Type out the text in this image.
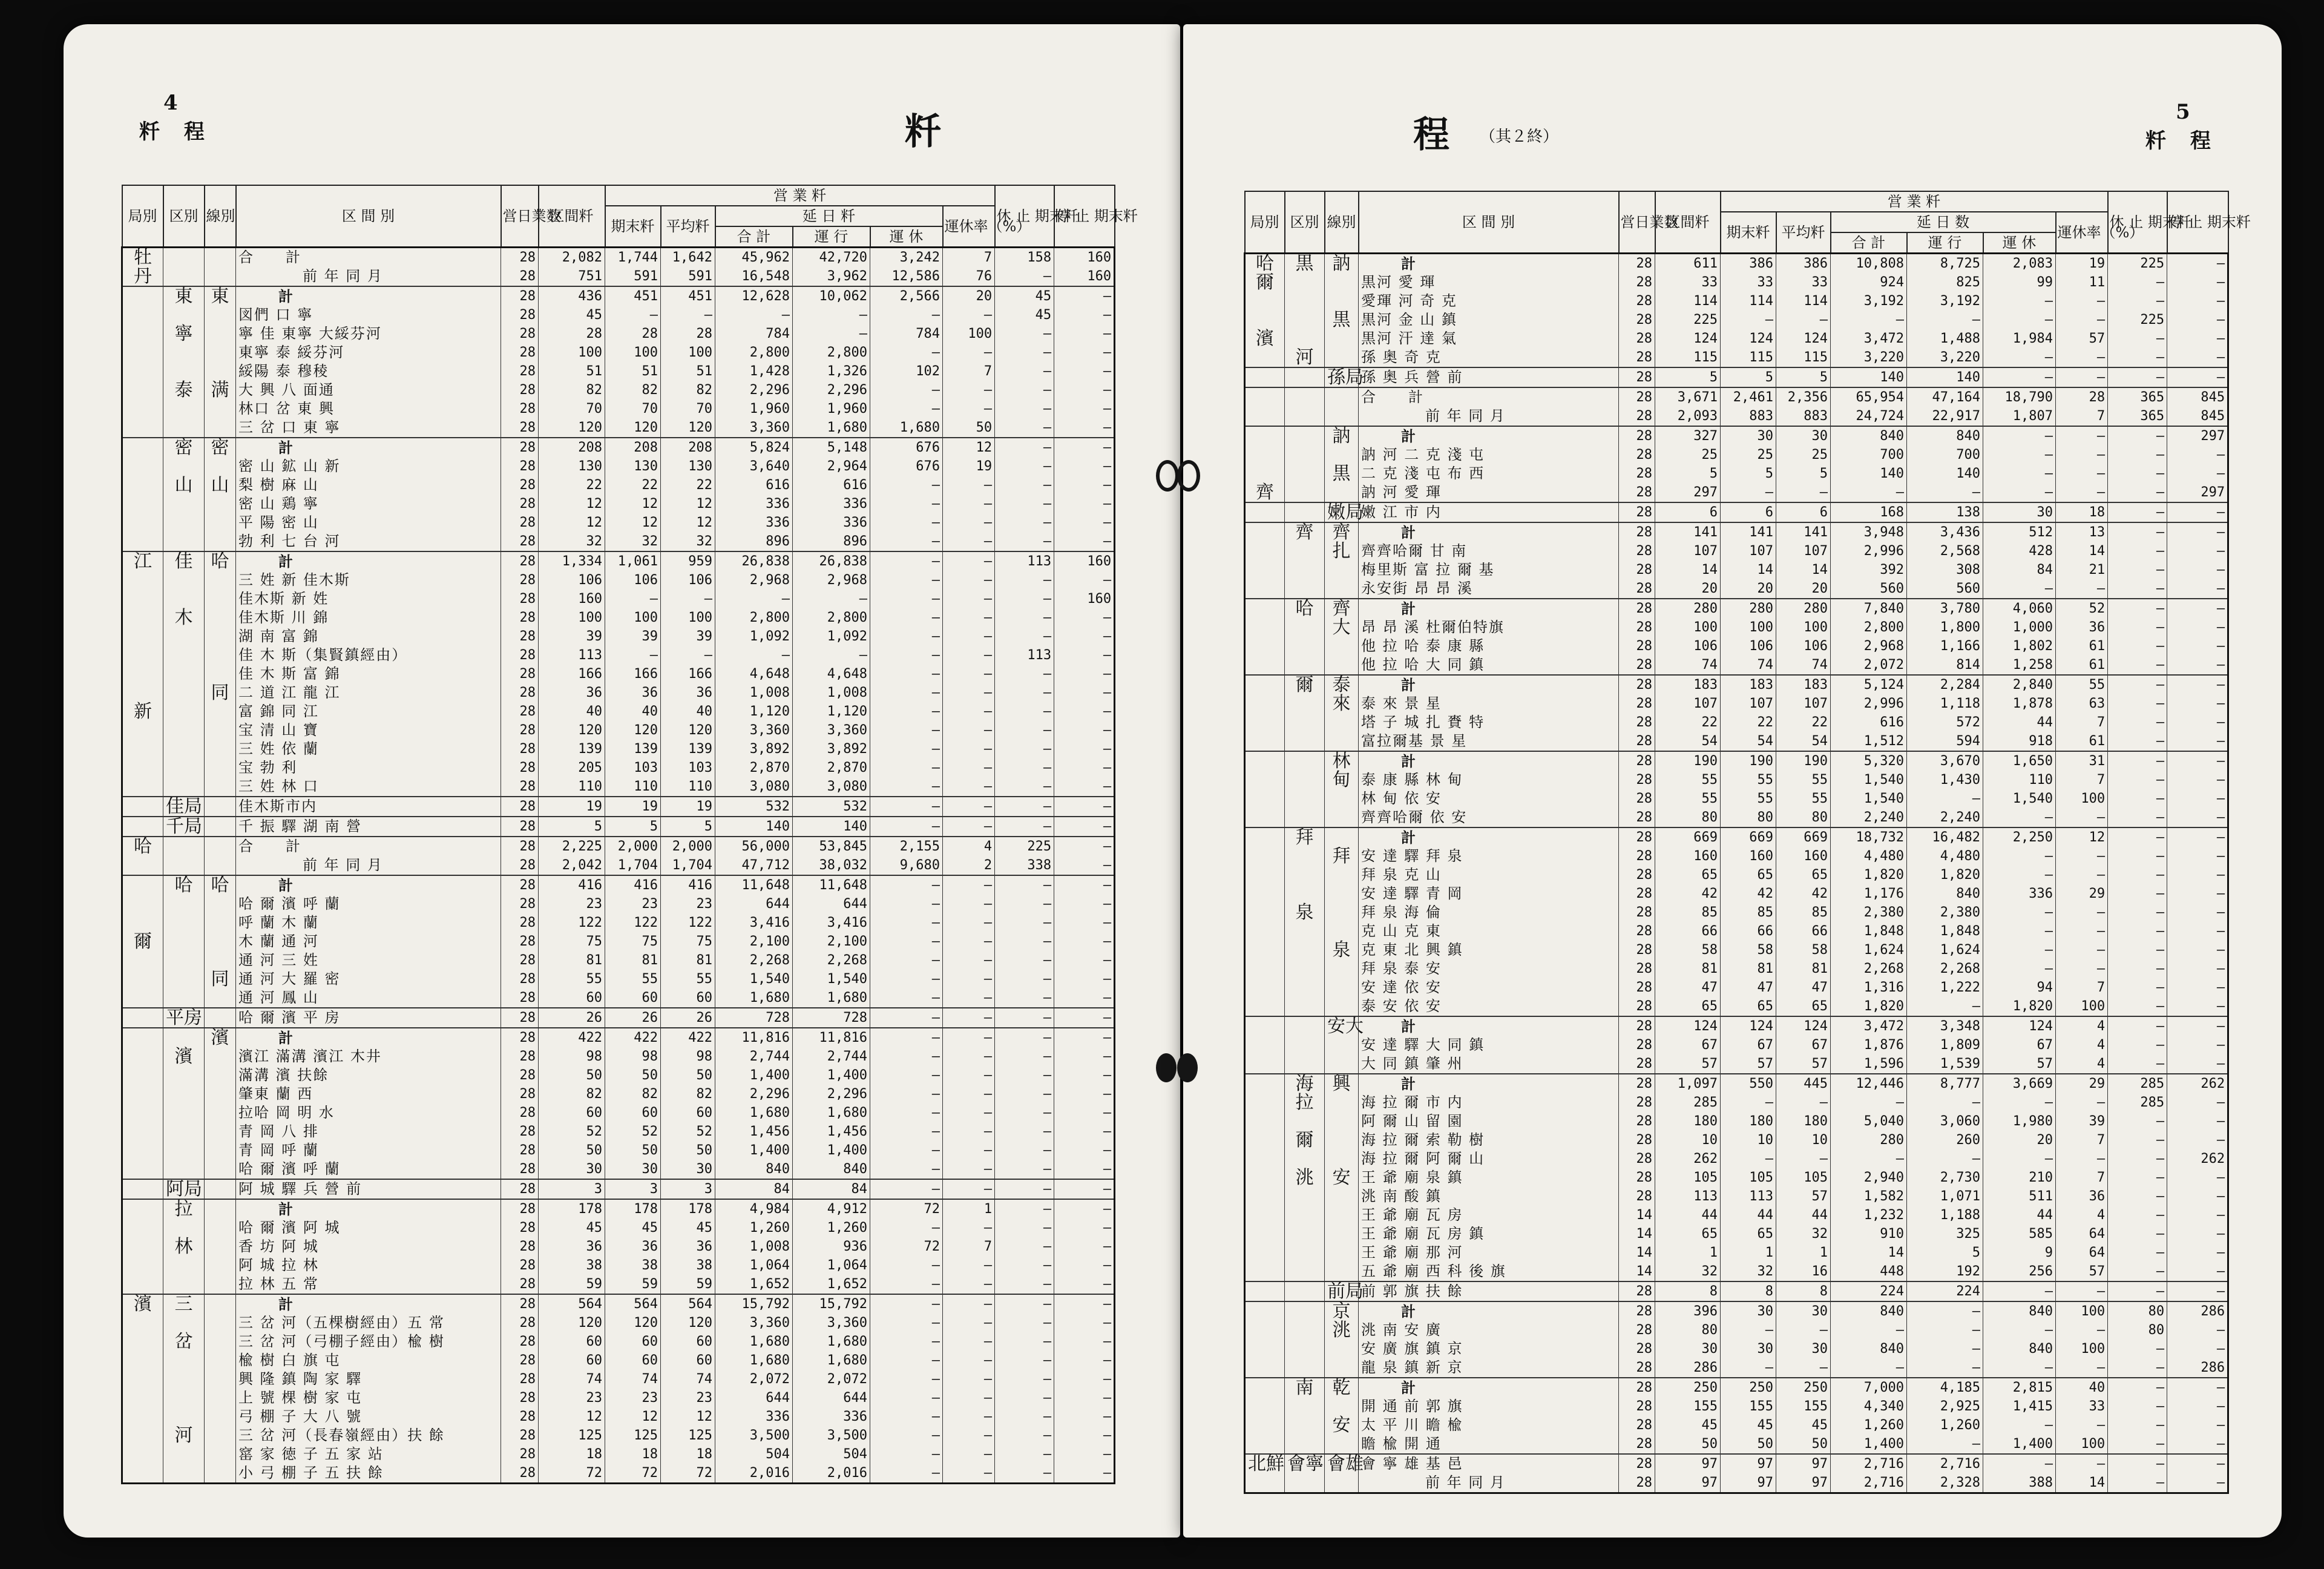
4
粁 程	粁
局別	区別	線別	区 間 別	営日業数	区間粁	営 業 粁						休 止 期末粁	停 止 期末粁
						期末粁	平均粁	延 日 粁			運休率（%）		
								合 計	運 行	運 休			
牡			合　　計	28	2,082	1,744	1,642	45,962	42,720	3,242	7	158	160
丹			前 年 同 月	28	751	591	591	16,548	3,962	12,586	76	—	160
	東	東	計	28	436	451	451	12,628	10,062	2,566	20	45	—
			図們 口 寧	28	45	—	—	—	—	—	—	45	—
	寧		寧 佳 東寧 大綏芬河	28	28	28	28	784	—	784	100	—	—
			東寧 泰 綏芬河	28	100	100	100	2,800	2,800	—	—	—	—
			綏陽 泰 穆稜	28	51	51	51	1,428	1,326	102	7	—	—
	泰	满	大 興 八 面通	28	82	82	82	2,296	2,296	—	—	—	—
			林口 岔 東 興	28	70	70	70	1,960	1,960	—	—	—	—
			三 岔 口 東 寧	28	120	120	120	3,360	1,680	1,680	50	—	—
	密	密	計	28	208	208	208	5,824	5,148	676	12	—	—
			密 山 鉱 山 新	28	130	130	130	3,640	2,964	676	19	—	—
	山	山	梨 樹 麻 山	28	22	22	22	616	616	—	—	—	—
			密 山 鶏 寧	28	12	12	12	336	336	—	—	—	—
			平 陽 密 山	28	12	12	12	336	336	—	—	—	—
			勃 利 七 台 河	28	32	32	32	896	896	—	—	—	—
江	佳	哈	計	28	1,334	1,061	959	26,838	26,838	—	—	113	160
			三 姓 新 佳木斯	28	106	106	106	2,968	2,968	—	—	—	—
			佳木斯 新 姓	28	160	—	—	—	—	—	—	—	160
	木		佳木斯 川 錦	28	100	100	100	2,800	2,800	—	—	—	—
			湖 南 富 錦	28	39	39	39	1,092	1,092	—	—	—	—
			佳 木 斯（集賢鎮經由）	28	113	—	—	—	—	—	—	113	—
			佳 木 斯 富 錦	28	166	166	166	4,648	4,648	—	—	—	—
		同	二 道 江 龍 江	28	36	36	36	1,008	1,008	—	—	—	—
新			富 錦 同 江	28	40	40	40	1,120	1,120	—	—	—	—
			宝 清 山 寶	28	120	120	120	3,360	3,360	—	—	—	—
			三 姓 依 蘭	28	139	139	139	3,892	3,892	—	—	—	—
			宝 勃 利	28	205	103	103	2,870	2,870	—	—	—	—
			三 姓 林 口	28	110	110	110	3,080	3,080	—	—	—	—
	佳局		佳木斯市内	28	19	19	19	532	532	—	—	—	—
	千局		千 振 驛 湖 南 營	28	5	5	5	140	140	—	—	—	—
哈			合　　計	28	2,225	2,000	2,000	56,000	53,845	2,155	4	225	—
			前 年 同 月	28	2,042	1,704	1,704	47,712	38,032	9,680	2	338	—
	哈	哈	計	28	416	416	416	11,648	11,648	—	—	—	—
			哈 爾 濱 呼 蘭	28	23	23	23	644	644	—	—	—	—
			呼 蘭 木 蘭	28	122	122	122	3,416	3,416	—	—	—	—
爾			木 蘭 通 河	28	75	75	75	2,100	2,100	—	—	—	—
			通 河 三 姓	28	81	81	81	2,268	2,268	—	—	—	—
		同	通 河 大 羅 密	28	55	55	55	1,540	1,540	—	—	—	—
			通 河 鳳 山	28	60	60	60	1,680	1,680	—	—	—	—
	平房		哈 爾 濱 平 房	28	26	26	26	728	728	—	—	—	—
		濱	計	28	422	422	422	11,816	11,816	—	—	—	—
	濱		濱江 滿溝 濱江 木井	28	98	98	98	2,744	2,744	—	—	—	—
			滿溝 濱 扶餘	28	50	50	50	1,400	1,400	—	—	—	—
			肇東 蘭 西	28	82	82	82	2,296	2,296	—	—	—	—
			拉哈 岡 明 水	28	60	60	60	1,680	1,680	—	—	—	—
			青 岡 八 排	28	52	52	52	1,456	1,456	—	—	—	—
			青 岡 呼 蘭	28	50	50	50	1,400	1,400	—	—	—	—
			哈 爾 濱 呼 蘭	28	30	30	30	840	840	—	—	—	—
	阿局		阿 城 驛 兵 營 前	28	3	3	3	84	84	—	—	—	—
	拉		計	28	178	178	178	4,984	4,912	72	1	—	—
			哈 爾 濱 阿 城	28	45	45	45	1,260	1,260	—	—	—	—
	林		香 坊 阿 城	28	36	36	36	1,008	936	72	7	—	—
			阿 城 拉 林	28	38	38	38	1,064	1,064	—	—	—	—
			拉 林 五 常	28	59	59	59	1,652	1,652	—	—	—	—
濱	三		計	28	564	564	564	15,792	15,792	—	—	—	—
			三 岔 河（五棵樹經由）五 常	28	120	120	120	3,360	3,360	—	—	—	—
	岔		三 岔 河（弓棚子經由）楡 樹	28	60	60	60	1,680	1,680	—	—	—	—
			楡 樹 白 旗 屯	28	60	60	60	1,680	1,680	—	—	—	—
			興 隆 鎮 陶 家 驛	28	74	74	74	2,072	2,072	—	—	—	—
			上 號 棵 樹 家 屯	28	23	23	23	644	644	—	—	—	—
			弓 棚 子 大 八 號	28	12	12	12	336	336	—	—	—	—
	河		三 岔 河（長春嶺經由）扶 餘	28	125	125	125	3,500	3,500	—	—	—	—
			窰 家 徳 子 五 家 站	28	18	18	18	504	504	—	—	—	—
			小 弓 棚 子 五 扶 餘	28	72	72	72	2,016	2,016	—	—	—	—
程 （其２終）
5
粁 程
局別	区別	線別	区 間 別	営日業数	区間粁	営 業 粁						休 止 期末粁	停 止 期末粁
						期末粁	平均粁	延 日 数			運休率（%）		
								合 計	運 行	運 休			
哈	黒	訥	計	28	611	386	386	10,808	8,725	2,083	19	225	—
爾			黒河 愛 琿	28	33	33	33	924	825	99	11	—	—
			愛琿 河 奇 克	28	114	114	114	3,192	3,192	—	—	—	—
		黒	黒河 金 山 鎮	28	225	—	—	—	—	—	—	225	—
濱			黒河 汗 達 氣	28	124	124	124	3,472	1,488	1,984	57	—	—
	河		孫 奥 奇 克	28	115	115	115	3,220	3,220	—	—	—	—
		孫局	孫 奥 兵 營 前	28	5	5	5	140	140	—	—	—	—
			合　　計	28	3,671	2,461	2,356	65,954	47,164	18,790	28	365	845
			前 年 同 月	28	2,093	883	883	24,724	22,917	1,807	7	365	845
		訥	計	28	327	30	30	840	840	—	—	—	297
			訥 河 二 克 淺 屯	28	25	25	25	700	700	—	—	—	—
		黒	二 克 淺 屯 布 西	28	5	5	5	140	140	—	—	—	—
齊			訥 河 愛 琿	28	297	—	—	—	—	—	—	—	297
		嫩局	嫩 江 市 内	28	6	6	6	168	138	30	18	—	—
	齊	齊	計	28	141	141	141	3,948	3,436	512	13	—	—
		扎	齊齊哈爾 甘 南	28	107	107	107	2,996	2,568	428	14	—	—
			梅里斯 富 拉 爾 基	28	14	14	14	392	308	84	21	—	—
			永安街 昂 昂 溪	28	20	20	20	560	560	—	—	—	—
	哈	齊	計	28	280	280	280	7,840	3,780	4,060	52	—	—
		大	昂 昂 溪 杜爾伯特旗	28	100	100	100	2,800	1,800	1,000	36	—	—
			他 拉 哈 泰 康 縣	28	106	106	106	2,968	1,166	1,802	61	—	—
			他 拉 哈 大 同 鎮	28	74	74	74	2,072	814	1,258	61	—	—
	爾	泰	計	28	183	183	183	5,124	2,284	2,840	55	—	—
		來	泰 來 景 星	28	107	107	107	2,996	1,118	1,878	63	—	—
			塔 子 城 扎 賚 特	28	22	22	22	616	572	44	7	—	—
			富拉爾基 景 星	28	54	54	54	1,512	594	918	61	—	—
		林	計	28	190	190	190	5,320	3,670	1,650	31	—	—
		甸	泰 康 縣 林 甸	28	55	55	55	1,540	1,430	110	7	—	—
			林 甸 依 安	28	55	55	55	1,540	—	1,540	100	—	—
			齊齊哈爾 依 安	28	80	80	80	2,240	2,240	—	—	—	—
	拜		計	28	669	669	669	18,732	16,482	2,250	12	—	—
		拜	安 達 驛 拜 泉	28	160	160	160	4,480	4,480	—	—	—	—
			拜 泉 克 山	28	65	65	65	1,820	1,820	—	—	—	—
			安 達 驛 青 岡	28	42	42	42	1,176	840	336	29	—	—
	泉		拜 泉 海 倫	28	85	85	85	2,380	2,380	—	—	—	—
			克 山 克 東	28	66	66	66	1,848	1,848	—	—	—	—
		泉	克 東 北 興 鎮	28	58	58	58	1,624	1,624	—	—	—	—
			拜 泉 泰 安	28	81	81	81	2,268	2,268	—	—	—	—
			安 達 依 安	28	47	47	47	1,316	1,222	94	7	—	—
			泰 安 依 安	28	65	65	65	1,820	—	1,820	100	—	—
		安大	計	28	124	124	124	3,472	3,348	124	4	—	—
			安 達 驛 大 同 鎮	28	67	67	67	1,876	1,809	67	4	—	—
			大 同 鎮 肇 州	28	57	57	57	1,596	1,539	57	4	—	—
	海	興	計	28	1,097	550	445	12,446	8,777	3,669	29	285	262
	拉		海 拉 爾 市 内	28	285	—	—	—	—	—	—	285	—
			阿 爾 山 留 園	28	180	180	180	5,040	3,060	1,980	39	—	—
	爾		海 拉 爾 索 勒 樹	28	10	10	10	280	260	20	7	—	—
			海 拉 爾 阿 爾 山	28	262	—	—	—	—	—	—	—	262
	洮	安	王 爺 廟 泉 鎮	28	105	105	105	2,940	2,730	210	7	—	—
			洮 南 酸 鎮	28	113	113	57	1,582	1,071	511	36	—	—
			王 爺 廟 瓦 房	14	44	44	44	1,232	1,188	44	4	—	—
			王 爺 廟 瓦 房 鎮	14	65	65	32	910	325	585	64	—	—
			王 爺 廟 那 河	14	1	1	1	14	5	9	64	—	—
			五 爺 廟 西 科 後 旗	14	32	32	16	448	192	256	57	—	—
		前局	前 郭 旗 扶 餘	28	8	8	8	224	224	—	—	—	—
		京	計	28	396	30	30	840	—	840	100	80	286
		洮	洮 南 安 廣	28	80	—	—	—	—	—	—	80	—
			安 廣 旗 鎮 京	28	30	30	30	840	—	840	100	—	—
			龍 泉 鎮 新 京	28	286	—	—	—	—	—	—	—	286
	南	乾	計	28	250	250	250	7,000	4,185	2,815	40	—	—
			開 通 前 郭 旗	28	155	155	155	4,340	2,925	1,415	33	—	—
		安	太 平 川 瞻 楡	28	45	45	45	1,260	1,260	—	—	—	—
			瞻 楡 開 通	28	50	50	50	1,400	—	1,400	100	—	—
北鮮	會寧	會雄	會 寧 雄 基 邑	28	97	97	97	2,716	2,716	—	—	—	—
			前 年 同 月	28	97	97	97	2,716	2,328	388	14	—	—
